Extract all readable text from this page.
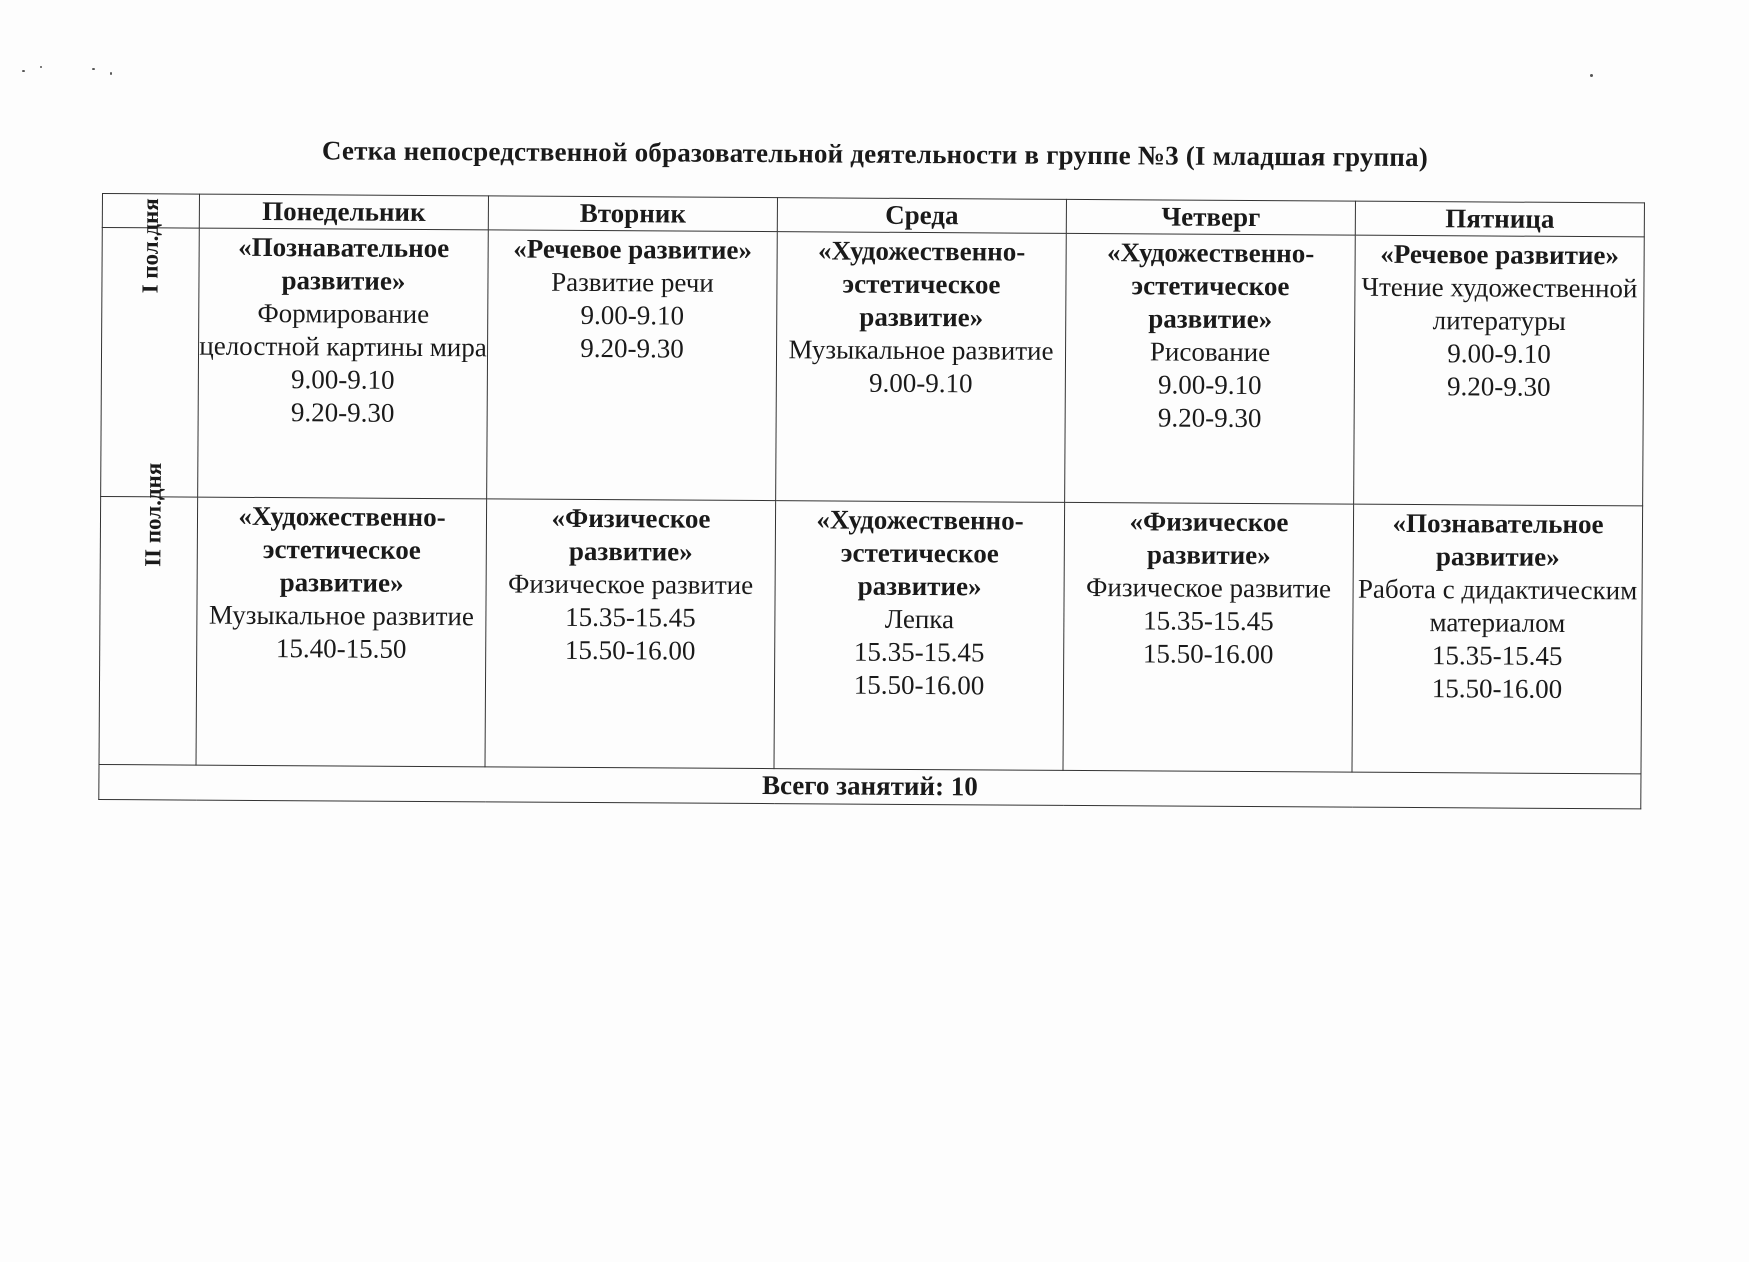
Сетка непосредственной образовательной деятельности в группе №3 (I младшая группа)
	Понедельник	Вторник	Среда	Четверг	Пятница
I пол.дня	«Познавательное развитие»
Формирование целостной картины мира
9.00-9.10
9.20-9.30	«Речевое развитие»
Развитие речи
9.00-9.10
9.20-9.30	«Художественно-эстетическое развитие»
Музыкальное развитие
9.00-9.10	«Художественно-эстетическое развитие»
Рисование
9.00-9.10
9.20-9.30	«Речевое развитие»
Чтение художественной литературы
9.00-9.10
9.20-9.30

II пол.дня	«Художественно-эстетическое развитие»
Музыкальное развитие
15.40-15.50	«Физическое развитие»
Физическое развитие
15.35-15.45
15.50-16.00	«Художественно-эстетическое развитие»
Лепка
15.35-15.45
15.50-16.00	«Физическое развитие»
Физическое развитие
15.35-15.45
15.50-16.00	«Познавательное развитие»
Работа с дидактическим материалом
15.35-15.45
15.50-16.00

Всего занятий: 10					
